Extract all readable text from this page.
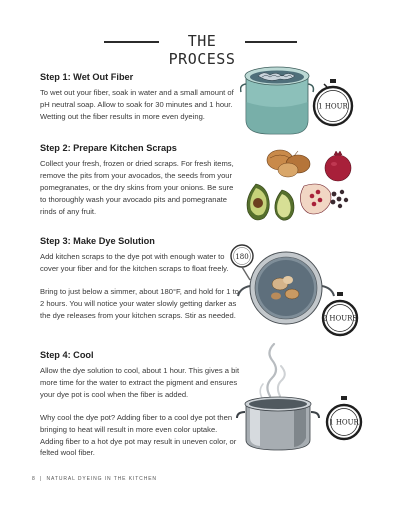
THE PROCESS
Step 1: Wet Out Fiber

To wet out your fiber, soak in water and a small amount of pH neutral soap. Allow to soak for 30 minutes and 1 hour. Wetting out the fiber results in more even dyeing.

Step 2: Prepare Kitchen Scraps

Collect your fresh, frozen or dried scraps. For fresh items, remove the pits from your avocados, the seeds from your pomegranates, or the dry skins from your onions. Be sure to thoroughly wash your avocado pits and pomegranate rinds of any fruit.

Step 3: Make Dye Solution

Add kitchen scraps to the dye pot with enough water to cover your fiber and for the kitchen scraps to float freely.

Bring to just below a simmer, about 180°F, and hold for 1 to 2 hours. You will notice your water slowly getting darker as the dye releases from your kitchen scraps. Stir as needed.

Step 4: Cool

Allow the dye solution to cool, about 1 hour. This gives a bit more time for the water to extract the pigment and ensures your dye pot is cool when the fiber is added.

Why cool the dye pot? Adding fiber to a cool dye pot then bringing to heat will result in more even color uptake. Adding fiber to a hot dye pot may result in uneven color, or felted wool fiber.

1 HOUR
180
2 HOURS
1 HOUR
8 | NATURAL DYEING IN THE KITCHEN
